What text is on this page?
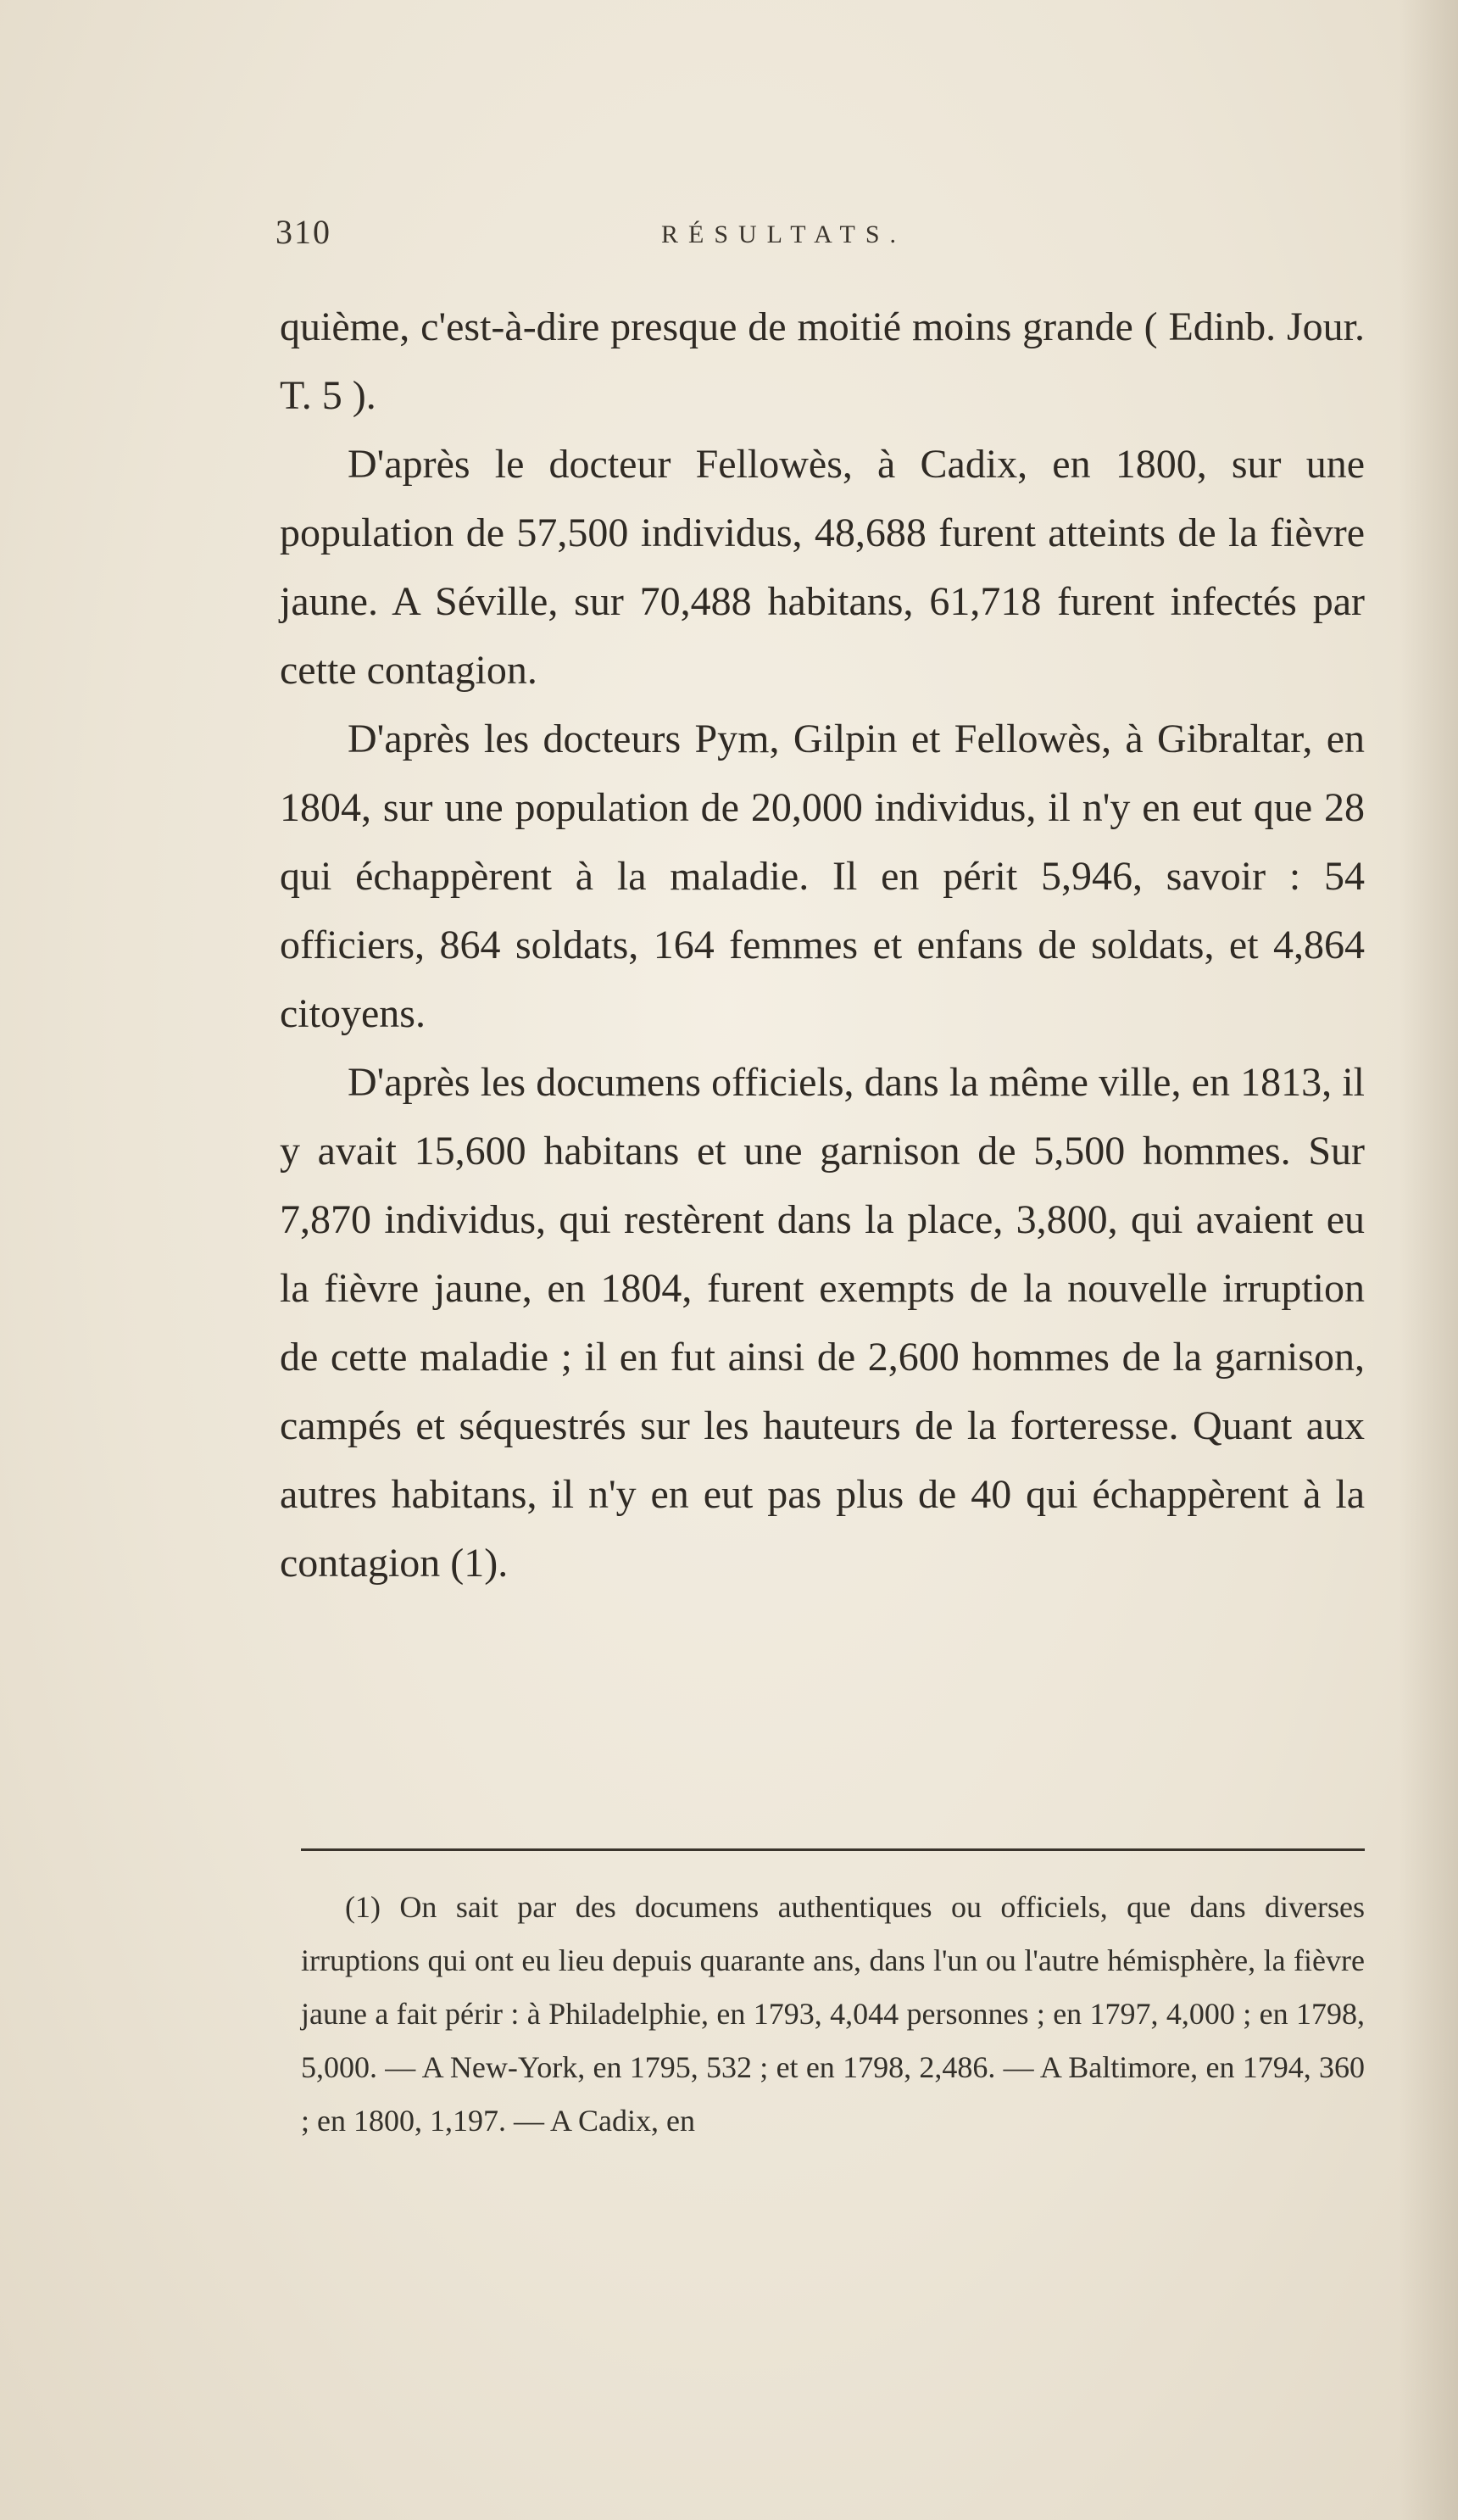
310	RÉSULTATS.

quième, c'est-à-dire presque de moitié moins grande ( Edinb. Jour. T. 5 ).

D'après le docteur Fellowès, à Cadix, en 1800, sur une population de 57,500 individus, 48,688 furent atteints de la fièvre jaune. A Séville, sur 70,488 habitans, 61,718 furent infectés par cette contagion.

D'après les docteurs Pym, Gilpin et Fellowès, à Gibraltar, en 1804, sur une population de 20,000 individus, il n'y en eut que 28 qui échappèrent à la maladie. Il en périt 5,946, savoir : 54 officiers, 864 soldats, 164 femmes et enfans de soldats, et 4,864 citoyens.

D'après les documens officiels, dans la même ville, en 1813, il y avait 15,600 habitans et une garnison de 5,500 hommes. Sur 7,870 individus, qui restèrent dans la place, 3,800, qui avaient eu la fièvre jaune, en 1804, furent exempts de la nouvelle irruption de cette maladie ; il en fut ainsi de 2,600 hommes de la garnison, campés et séquestrés sur les hauteurs de la forteresse. Quant aux autres habitans, il n'y en eut pas plus de 40 qui échappèrent à la contagion (1).

(1) On sait par des documens authentiques ou officiels, que dans diverses irruptions qui ont eu lieu depuis quarante ans, dans l'un ou l'autre hémisphère, la fièvre jaune a fait périr : à Philadelphie, en 1793, 4,044 personnes ; en 1797, 4,000 ; en 1798, 5,000. — A New-York, en 1795, 532 ; et en 1798, 2,486. — A Baltimore, en 1794, 360 ; en 1800, 1,197. — A Cadix, en
